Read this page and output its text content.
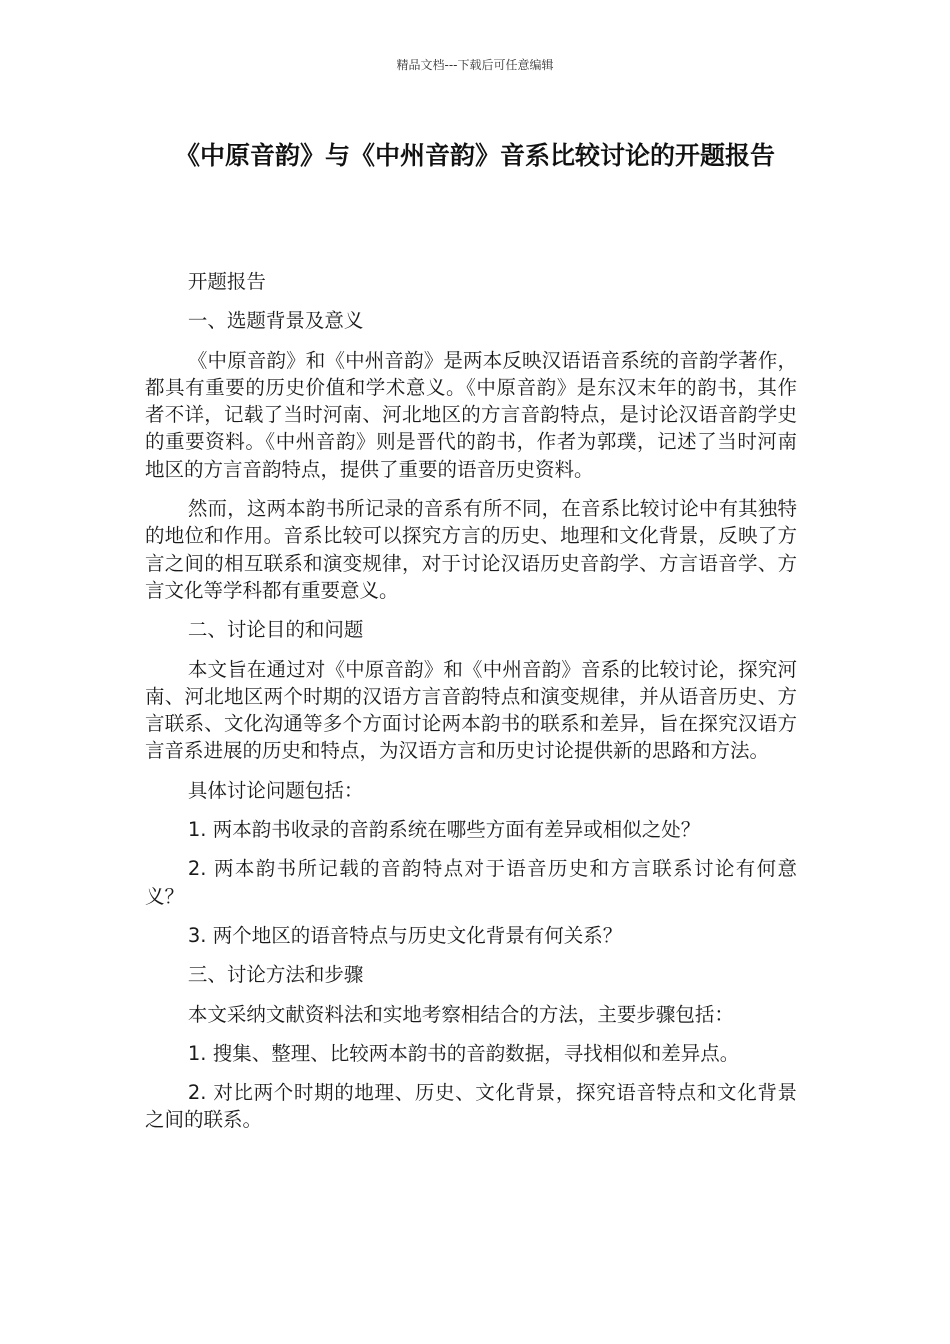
精品文档---下载后可任意编辑
《中原音韵》与《中州音韵》音系比较讨论的开题报告

开题报告

一、选题背景及意义

《中原音韵》和《中州音韵》是两本反映汉语语音系统的音韵学著作，都具有重要的历史价值和学术意义。《中原音韵》是东汉末年的韵书，其作者不详，记载了当时河南、河北地区的方言音韵特点，是讨论汉语音韵学史的重要资料。《中州音韵》则是晋代的韵书，作者为郭璞，记述了当时河南地区的方言音韵特点，提供了重要的语音历史资料。

然而，这两本韵书所记录的音系有所不同，在音系比较讨论中有其独特的地位和作用。音系比较可以探究方言的历史、地理和文化背景，反映了方言之间的相互联系和演变规律，对于讨论汉语历史音韵学、方言语音学、方言文化等学科都有重要意义。

二、讨论目的和问题

本文旨在通过对《中原音韵》和《中州音韵》音系的比较讨论，探究河南、河北地区两个时期的汉语方言音韵特点和演变规律，并从语音历史、方言联系、文化沟通等多个方面讨论两本韵书的联系和差异，旨在探究汉语方言音系进展的历史和特点，为汉语方言和历史讨论提供新的思路和方法。

具体讨论问题包括：

1. 两本韵书收录的音韵系统在哪些方面有差异或相似之处？

2. 两本韵书所记载的音韵特点对于语音历史和方言联系讨论有何意义？

3. 两个地区的语音特点与历史文化背景有何关系？

三、讨论方法和步骤

本文采纳文献资料法和实地考察相结合的方法，主要步骤包括：

1. 搜集、整理、比较两本韵书的音韵数据，寻找相似和差异点。

2. 对比两个时期的地理、历史、文化背景，探究语音特点和文化背景之间的联系。
